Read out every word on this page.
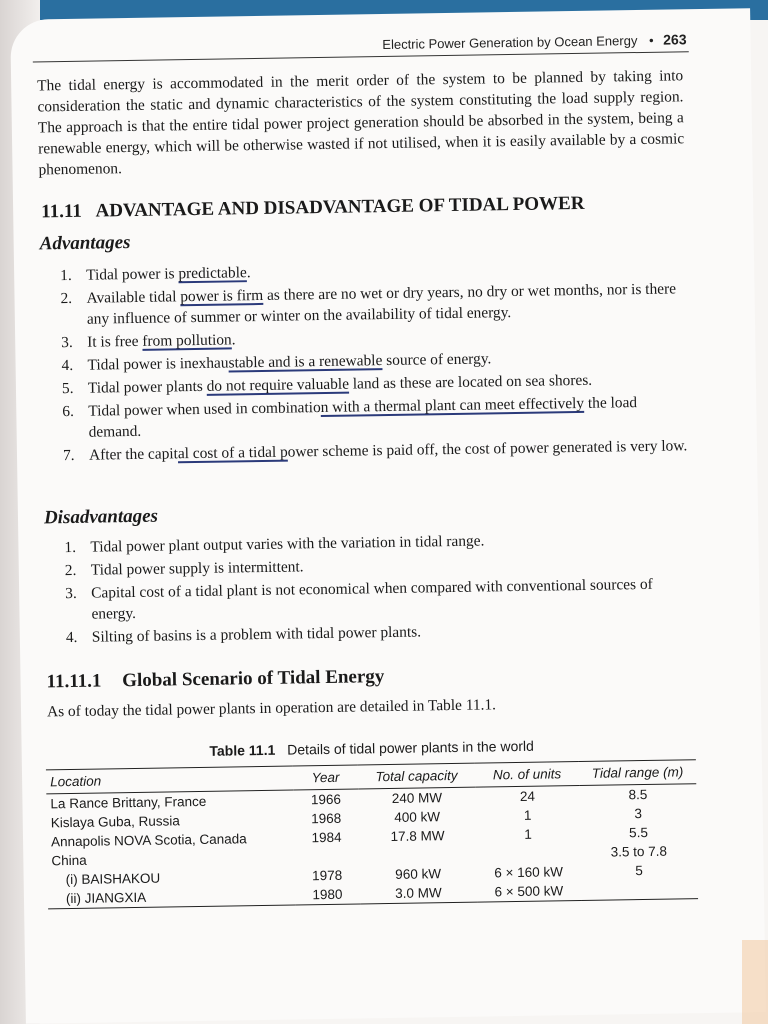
Electric Power Generation by Ocean Energy • 263

The tidal energy is accommodated in the merit order of the system to be planned by taking into consideration the static and dynamic characteristics of the system constituting the load supply region. The approach is that the entire tidal power project generation should be absorbed in the system, being a renewable energy, which will be otherwise wasted if not utilised, when it is easily available by a cosmic phenomenon.

11.11 ADVANTAGE AND DISADVANTAGE OF TIDAL POWER
Advantages
1. Tidal power is predictable.
2. Available tidal power is firm as there are no wet or dry years, no dry or wet months, nor is there any influence of summer or winter on the availability of tidal energy.
3. It is free from pollution.
4. Tidal power is inexhaustable and is a renewable source of energy.
5. Tidal power plants do not require valuable land as these are located on sea shores.
6. Tidal power when used in combination with a thermal plant can meet effectively the load demand.
7. After the capital cost of a tidal power scheme is paid off, the cost of power generated is very low.
Disadvantages
1. Tidal power plant output varies with the variation in tidal range.
2. Tidal power supply is intermittent.
3. Capital cost of a tidal plant is not economical when compared with conventional sources of energy.
4. Silting of basins is a problem with tidal power plants.
11.11.1 Global Scenario of Tidal Energy
As of today the tidal power plants in operation are detailed in Table 11.1.
Table 11.1 Details of tidal power plants in the world
Location	Year	Total capacity	No. of units	Tidal range (m)
La Rance Brittany, France	1966	240 MW	24	8.5
Kislaya Guba, Russia	1968	400 kW	1	3
Annapolis NOVA Scotia, Canada	1984	17.8 MW	1	5.5
China				3.5 to 7.8
(i) BAISHAKOU	1978	960 kW	6 × 160 kW	5
(ii) JIANGXIA	1980	3.0 MW	6 × 500 kW	
